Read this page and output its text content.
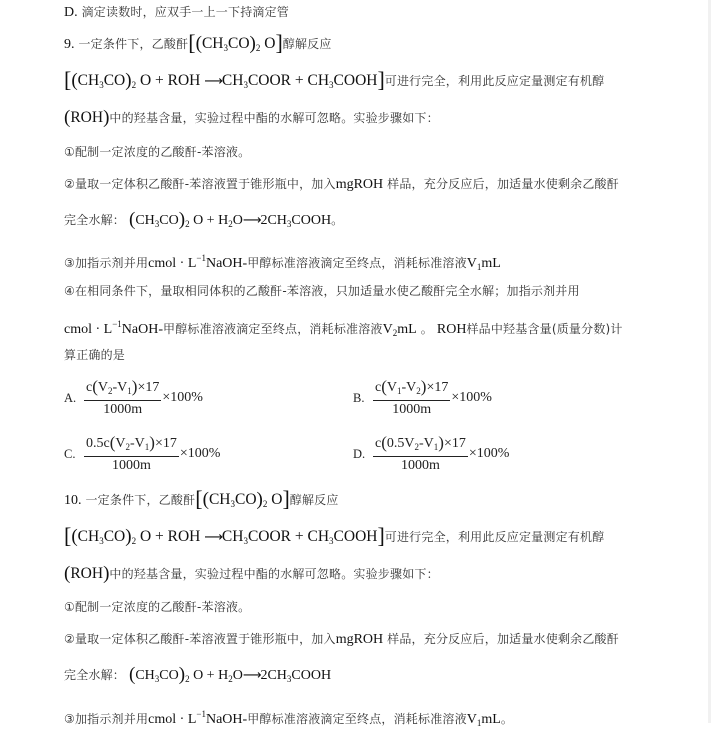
D. 滴定读数时，应双手一上一下持滴定管
9. 一定条件下，乙酸酐[$(CH_3CO)_2$ O]醇解反应
[$(CH_3CO)_2$ O + ROH $⟶CH_3COOR$ + $CH_3COOH$]可进行完全，利用此反应定量测定有机醇
(ROH)中的羟基含量，实验过程中酯的水解可忽略。实验步骤如下：
①配制一定浓度的乙酸酐-苯溶液。
②量取一定体积乙酸酐-苯溶液置于锥形瓶中，加入mgROH 样品，充分反应后，加适量水使剩余乙酸酐
完全水解： $(CH_3CO)_2$ $O + H_2O⟶2CH_3COOH$。
③加指示剂并用cmol · $L^{-1}NaOH-$甲醇标准溶液滴定至终点，消耗标准溶液$V_1mL$
④在相同条件下，量取相同体积的乙酸酐-苯溶液，只加适量水使乙酸酐完全水解；加指示剂并用
cmol · $L^{-1}NaOH-$甲醇标准溶液滴定至终点，消耗标准溶液$V_2mL$ 。 ROH样品中羟基含量(质量分数)计
算正确的是
A. $\frac{c(V_2-V_1)\times 17}{1000m} \times 100\%$	B. $\frac{c(V_1-V_2)\times 17}{1000m} \times 100\%$
C. $\frac{0.5c(V_2-V_1)\times 17}{1000m} \times 100\%$	D. $\frac{c(0.5V_2-V_1)\times 17}{1000m} \times 100\%$
10. 一定条件下，乙酸酐[$(CH_3CO)_2$ O]醇解反应
[$(CH_3CO)_2$ O + ROH $⟶CH_3COOR$ + $CH_3COOH$]可进行完全，利用此反应定量测定有机醇
(ROH)中的羟基含量，实验过程中酯的水解可忽略。实验步骤如下：
①配制一定浓度的乙酸酐-苯溶液。
②量取一定体积乙酸酐-苯溶液置于锥形瓶中，加入mgROH 样品，充分反应后，加适量水使剩余乙酸酐
完全水解： $(CH_3CO)_2$ $O + H_2O⟶2CH_3COOH$
③加指示剂并用cmol · $L^{-1}NaOH-$甲醇标准溶液滴定至终点，消耗标准溶液$V_1mL$。
